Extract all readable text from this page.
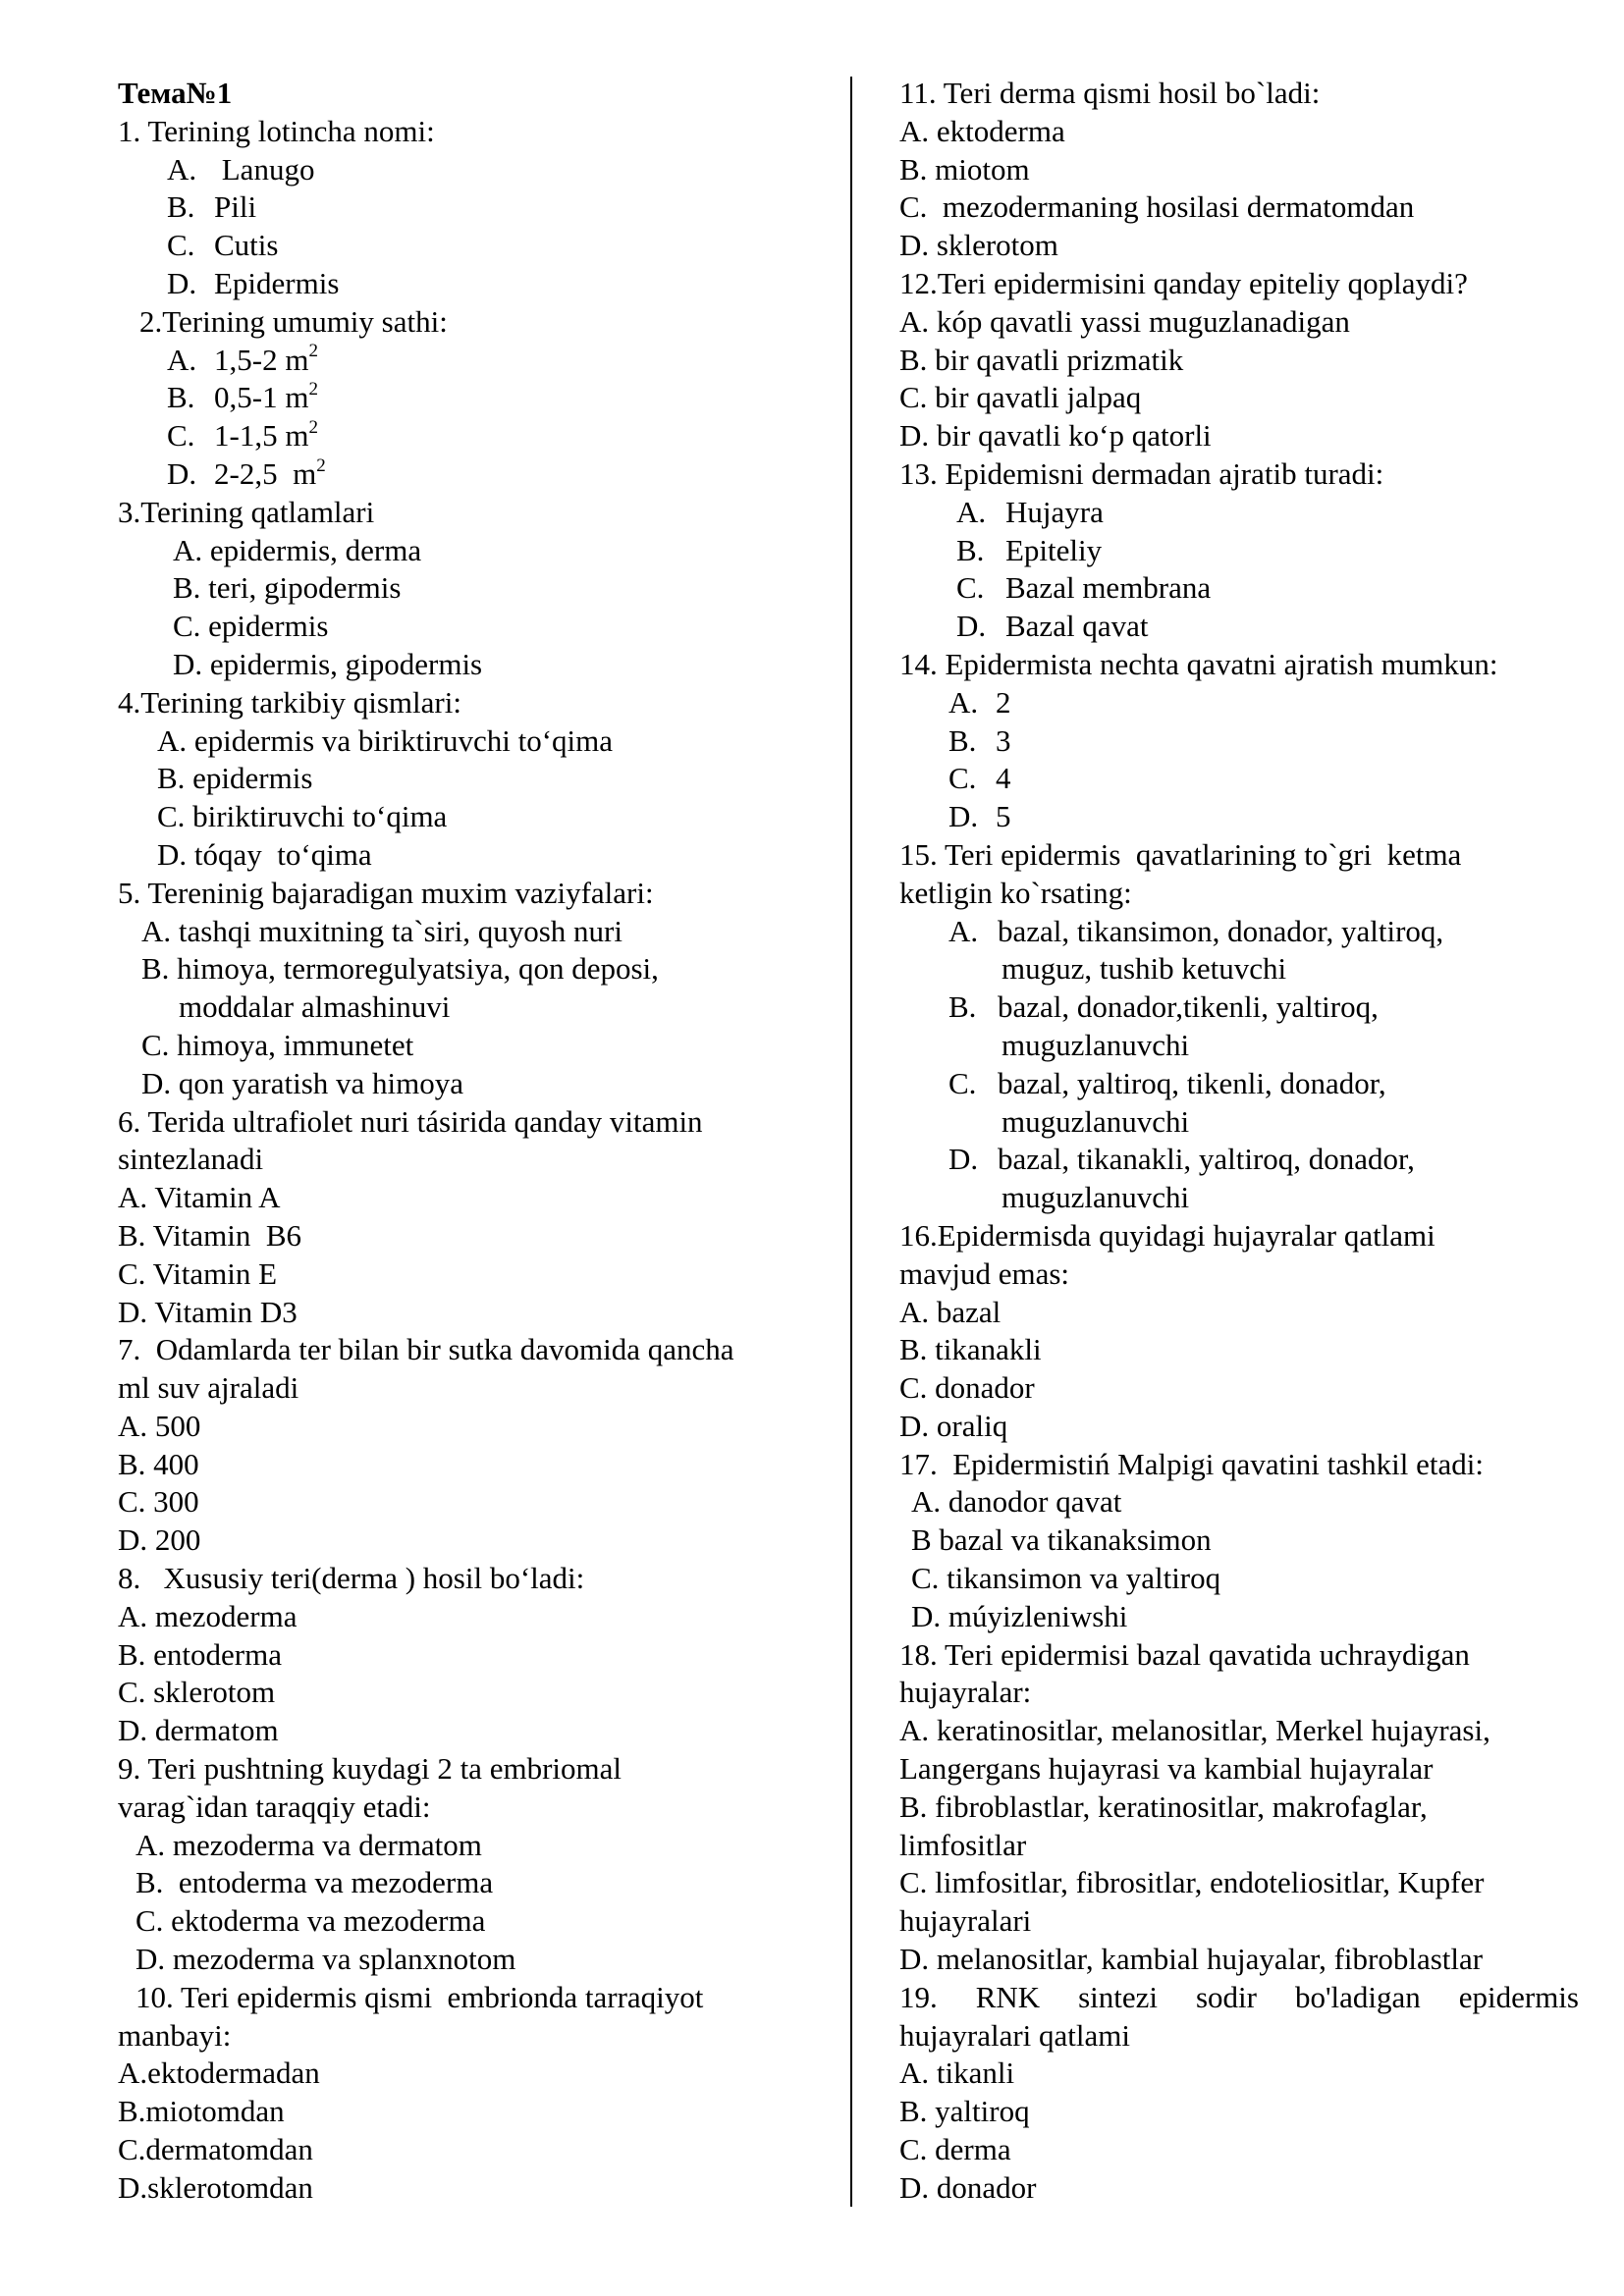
Тема№1
1. Terining lotincha nomi:
A. Lanugo
B. Pili
C. Cutis
D. Epidermis
2.Terining umumiy sathi:
A. 1,5-2 $m^2$
B. 0,5-1 $m^2$
C. 1-1,5 $m^2$
D. 2-2,5  $m^2$
3.Terining qatlamlari
A. epidermis, derma
B. teri, gipodermis
C. epidermis
D. epidermis, gipodermis
4.Terining tarkibiy qismlari:
A. epidermis va biriktiruvchi to‘qima
B. epidermis
C. biriktiruvchi to‘qima
D. tóqay  to‘qima
5. Tereninig bajaradigan muxim vaziyfalari:
A. tashqi muxitning ta`siri, quyosh nuri
B. himoya, termoregulyatsiya, qon deposi,
moddalar almashinuvi
C. himoya, immunetet
D. qon yaratish va himoya
6. Terida ultrafiolet nuri tásirida qanday vitamin
sintezlanadi
A. Vitamin A
B. Vitamin  B6
C. Vitamin E
D. Vitamin D3
7.  Odamlarda ter bilan bir sutka davomida qancha
ml suv ajraladi
A. 500
B. 400
C. 300
D. 200
8.   Xususiy teri(derma ) hosil bo‘ladi:
A. mezoderma
B. entoderma
C. sklerotom
D. dermatom
9. Teri pushtning kuydagi 2 ta embriomal
varag`idan taraqqiy etadi:
A. mezoderma va dermatom
B.  entoderma va mezoderma
C. ektoderma va mezoderma
D. mezoderma va splanxnotom
10. Teri epidermis qismi  embrionda tarraqiyot
manbayi:
A.ektodermadan
B.miotomdan
C.dermatomdan
D.sklerotomdan
11. Teri derma qismi hosil bo`ladi:
A. ektoderma
B. miotom
C.  mezodermaning hosilasi dermatomdan
D. sklerotom
12.Teri epidermisini qanday epiteliy qoplaydi?
A. kóp qavatli yassi muguzlanadigan
B. bir qavatli prizmatik
C. bir qavatli jalpaq
D. bir qavatli ko‘p qatorli
13. Epidemisni dermadan ajratib turadi:
A. Hujayra
B. Epiteliy
C. Bazal membrana
D. Bazal qavat
14. Epidermista nechta qavatni ajratish mumkun:
A. 2
B. 3
C. 4
D. 5
15. Teri epidermis  qavatlarining to`gri  ketma
ketligin ko`rsating:
A. bazal, tikansimon, donador, yaltiroq,
muguz, tushib ketuvchi
B. bazal, donador,tikenli, yaltiroq,
muguzlanuvchi
C. bazal, yaltiroq, tikenli, donador,
muguzlanuvchi
D. bazal, tikanakli, yaltiroq, donador,
muguzlanuvchi
16.Epidermisda quyidagi hujayralar qatlami
mavjud emas:
A. bazal
B. tikanakli
C. donador
D. oraliq
17.  Epidermistiń Malpigi qavatini tashkil etadi:
A. danodor qavat
B bazal va tikanaksimon
C. tikansimon va yaltiroq
D. múyizleniwshi
18. Teri epidermisi bazal qavatida uchraydigan
hujayralar:
A. keratinositlar, melanositlar, Merkel hujayrasi,
Langergans hujayrasi va kambial hujayralar
B. fibroblastlar, keratinositlar, makrofaglar,
limfositlar
C. limfositlar, fibrositlar, endoteliositlar, Kupfer
hujayralari
D. melanositlar, kambial hujayalar, fibroblastlar
19. RNK sintezi sodir bo'ladigan epidermis
hujayralari qatlami
A. tikanli
B. yaltiroq
C. derma
D. donador
